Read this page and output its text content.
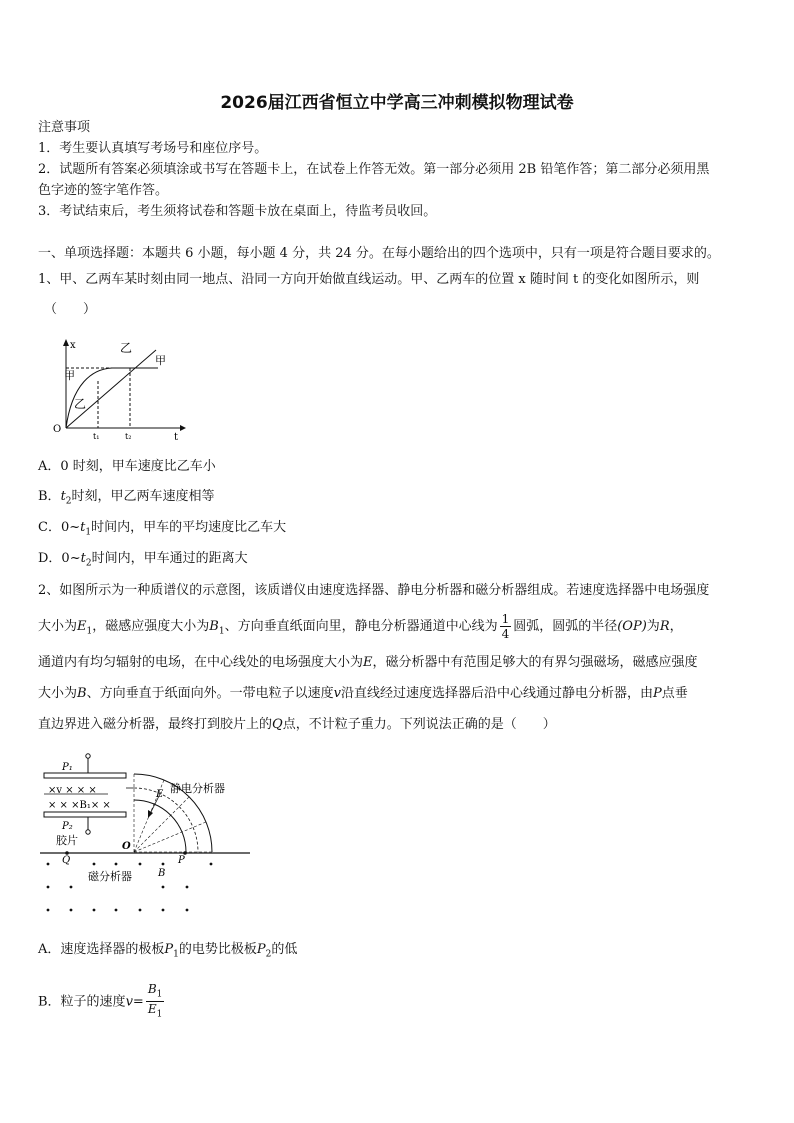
2026届江西省恒立中学高三冲刺模拟物理试卷
注意事项
1．考生要认真填写考场号和座位序号。
2．试题所有答案必须填涂或书写在答题卡上，在试卷上作答无效。第一部分必须用 2B 铅笔作答；第二部分必须用黑
色字迹的签字笔作答。
3．考试结束后，考生须将试卷和答题卡放在桌面上，待监考员收回。
一、单项选择题：本题共 6 小题，每小题 4 分，共 24 分。在每小题给出的四个选项中，只有一项是符合题目要求的。
1、甲、乙两车某时刻由同一地点、沿同一方向开始做直线运动。甲、乙两车的位置 x 随时间 t 的变化如图所示，则
（　　）
x
t
O
t₁	t₂
乙
甲
甲
乙
A．0 时刻，甲车速度比乙车小
B．$t_2$时刻，甲乙两车速度相等
C．$0\sim t_1$时间内，甲车的平均速度比乙车大
D．$0\sim t_2$时间内，甲车通过的距离大
2、如图所示为一种质谱仪的示意图，该质谱仪由速度选择器、静电分析器和磁分析器组成。若速度选择器中电场强度
大小为$E_1$，磁感应强度大小为$B_1$、方向垂直纸面向里，静电分析器通道中心线为 $\frac{1}{4}$ 圆弧，圆弧的半径(OP)为R，
通道内有均匀辐射的电场，在中心线处的电场强度大小为E，磁分析器中有范围足够大的有界匀强磁场，磁感应强度
大小为B、方向垂直于纸面向外。一带电粒子以速度v沿直线经过速度选择器后沿中心线通过静电分析器，由P点垂
直边界进入磁分析器，最终打到胶片上的Q点，不计粒子重力。下列说法正确的是（　　）
P₁
×v × × ×
× × ×B₁× ×
P₂
胶片
E 静电分析器
O
P
Q
B
磁分析器
A．速度选择器的极板$P_1$的电势比极板$P_2$的低
B．粒子的速度$v= \frac{B_1}{E_1}$
